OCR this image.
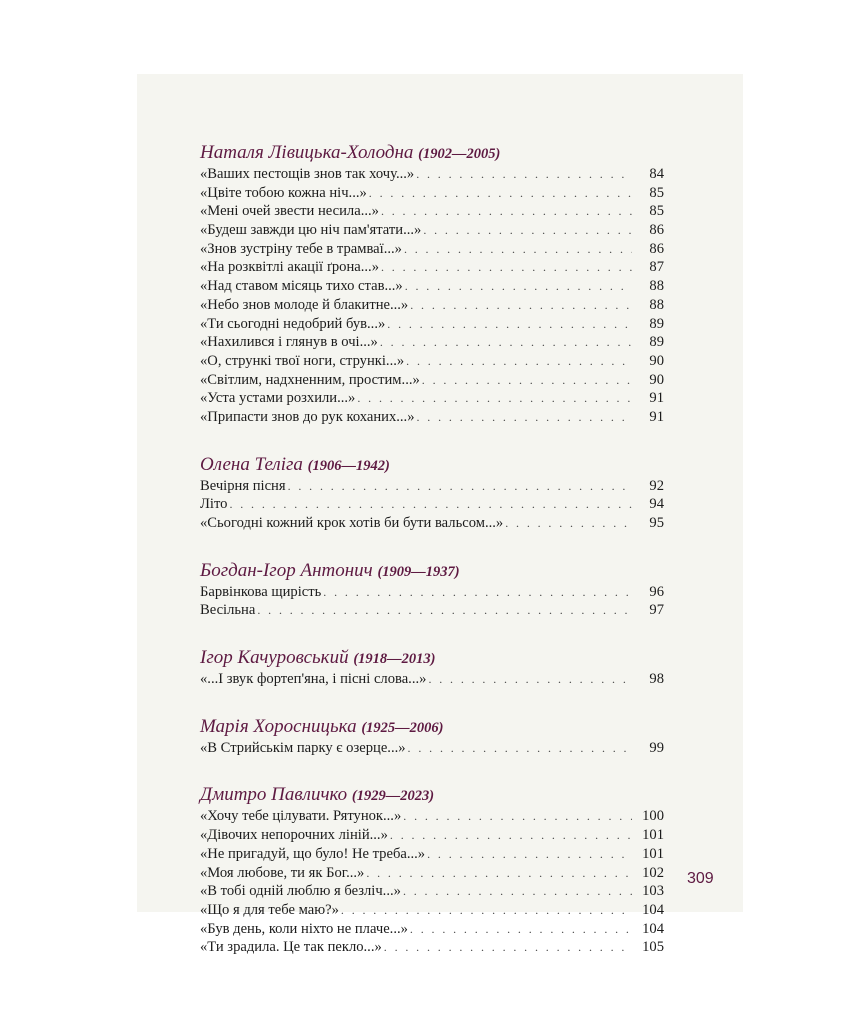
Наталя Лівицька-Холодна (1902—2005)
«Ваших пестощів знов так хочу...» . . .	84
«Цвіте тобою кожна ніч...» . . .	85
«Мені очей звести несила...» . . .	85
«Будеш завжди цю ніч пам'ятати...» . . .	86
«Знов зустріну тебе в трамваї...» . . .	86
«На розквітлі акації ґрона...» . . .	87
«Над ставом місяць тихо став...» . . .	88
«Небо знов молоде й блакитне...» . . .	88
«Ти сьогодні недобрий був...» . . .	89
«Нахилився і глянув в очі...» . . .	89
«О, стрункі твої ноги, стрункі...» . . .	90
«Світлим, надхненним, простим...» . . .	90
«Уста устами розхили...» . . .	91
«Припасти знов до рук коханих...» . . .	91
Олена Теліга (1906—1942)
Вечірня пісня . . .	92
Літо . . .	94
«Сьогодні кожний крок хотів би бути вальсом...» . . .	95
Богдан-Ігор Антонич (1909—1937)
Барвінкова щирість . . .	96
Весільна . . .	97
Ігор Качуровський (1918—2013)
«...І звук фортеп'яна, і пісні слова...» . . .	98
Марія Хоросницька (1925—2006)
«В Стрийськім парку є озерце...» . . .	99
Дмитро Павличко (1929—2023)
«Хочу тебе цілувати. Рятунок...» . . .	100
«Дівочих непорочних ліній...» . . .	101
«Не пригадуй, що було! Не треба...» . . .	101
«Моя любове, ти як Бог...» . . .	102
«В тобі одній люблю я безліч...» . . .	103
«Що я для тебе маю?» . . .	104
«Був день, коли ніхто не плаче...» . . .	104
«Ти зрадила. Це так пекло...» . . .	105
309
